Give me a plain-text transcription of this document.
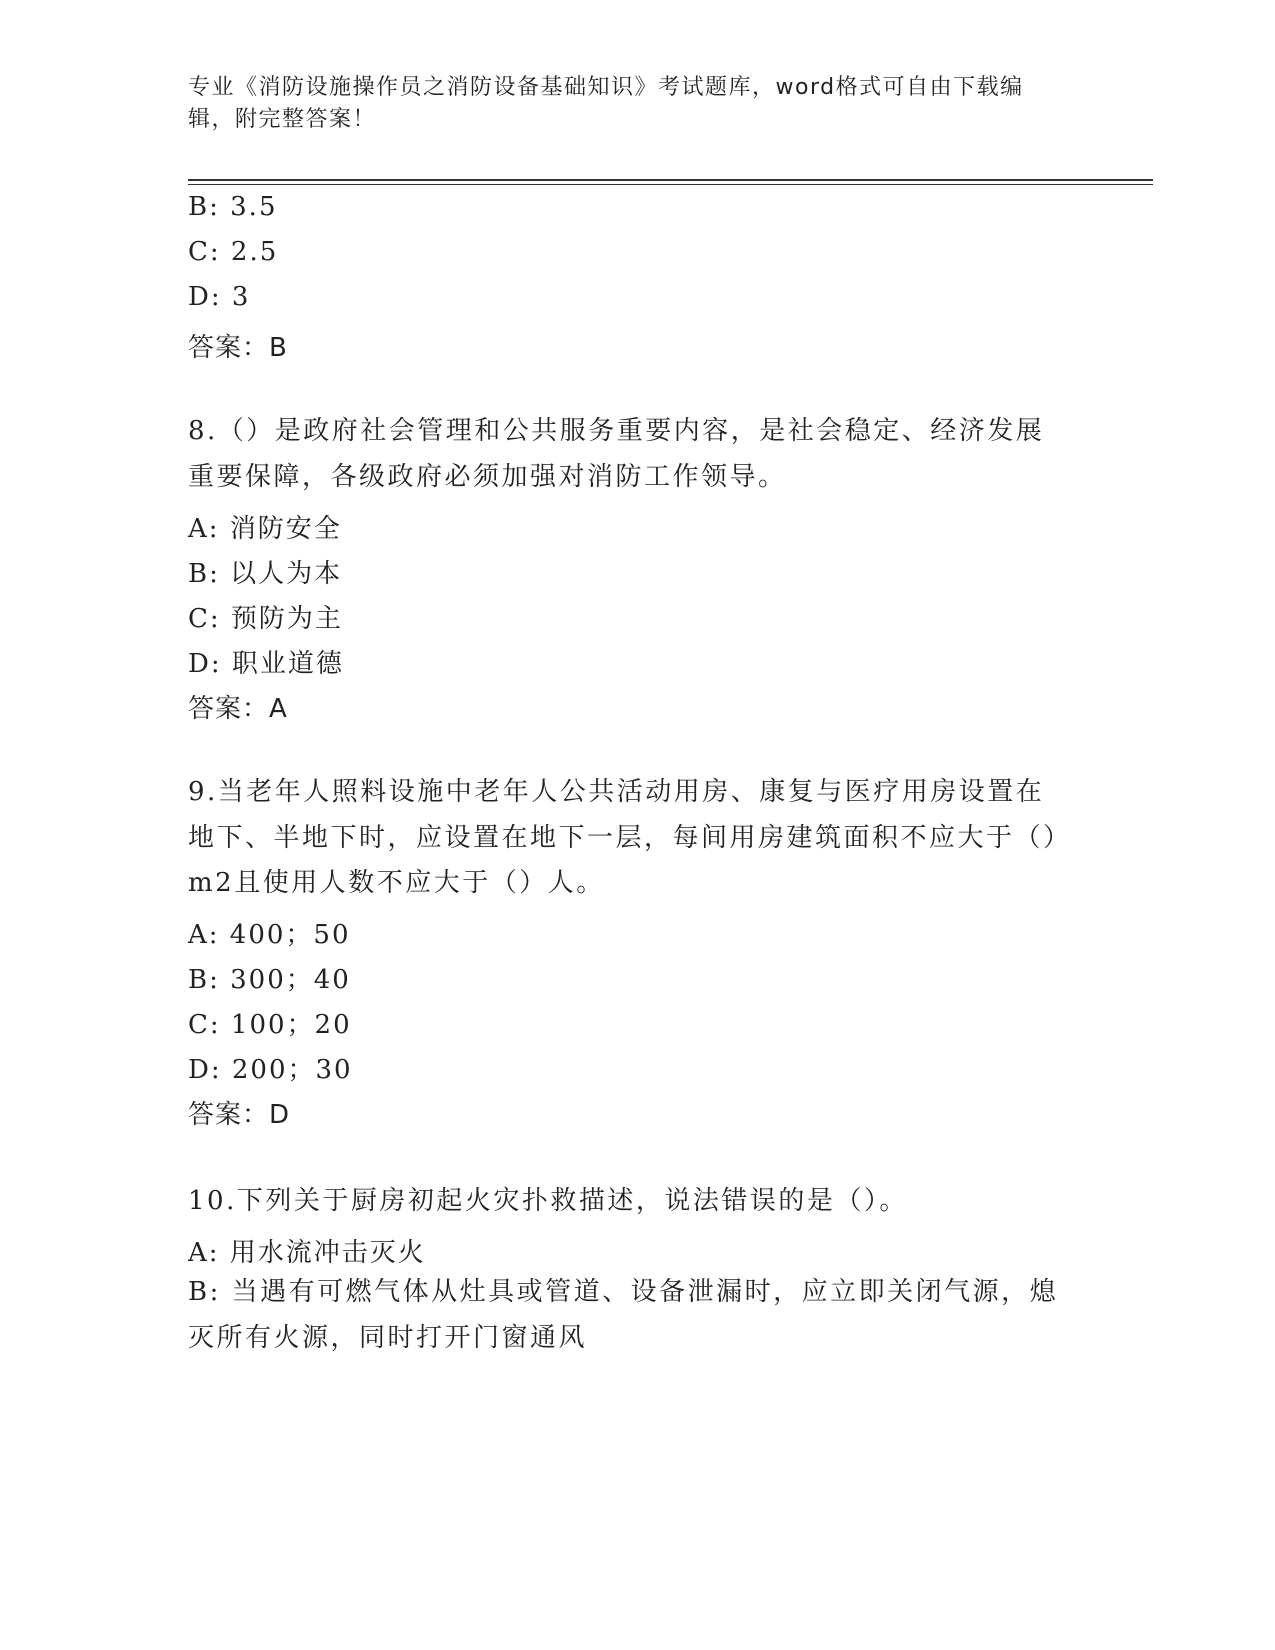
专业《消防设施操作员之消防设备基础知识》考试题库，word格式可自由下载编辑，附完整答案！
B: 3.5
C: 2.5
D: 3
答案：B
8.（）是政府社会管理和公共服务重要内容，是社会稳定、经济发展重要保障，各级政府必须加强对消防工作领导。
A: 消防安全
B: 以人为本
C: 预防为主
D: 职业道德
答案：A
9.当老年人照料设施中老年人公共活动用房、康复与医疗用房设置在地下、半地下时，应设置在地下一层，每间用房建筑面积不应大于（）m2且使用人数不应大于（）人。
A: 400；50
B: 300；40
C: 100；20
D: 200；30
答案：D
10.下列关于厨房初起火灾扑救描述，说法错误的是（）。
A: 用水流冲击灭火
B: 当遇有可燃气体从灶具或管道、设备泄漏时，应立即关闭气源，熄灭所有火源，同时打开门窗通风
